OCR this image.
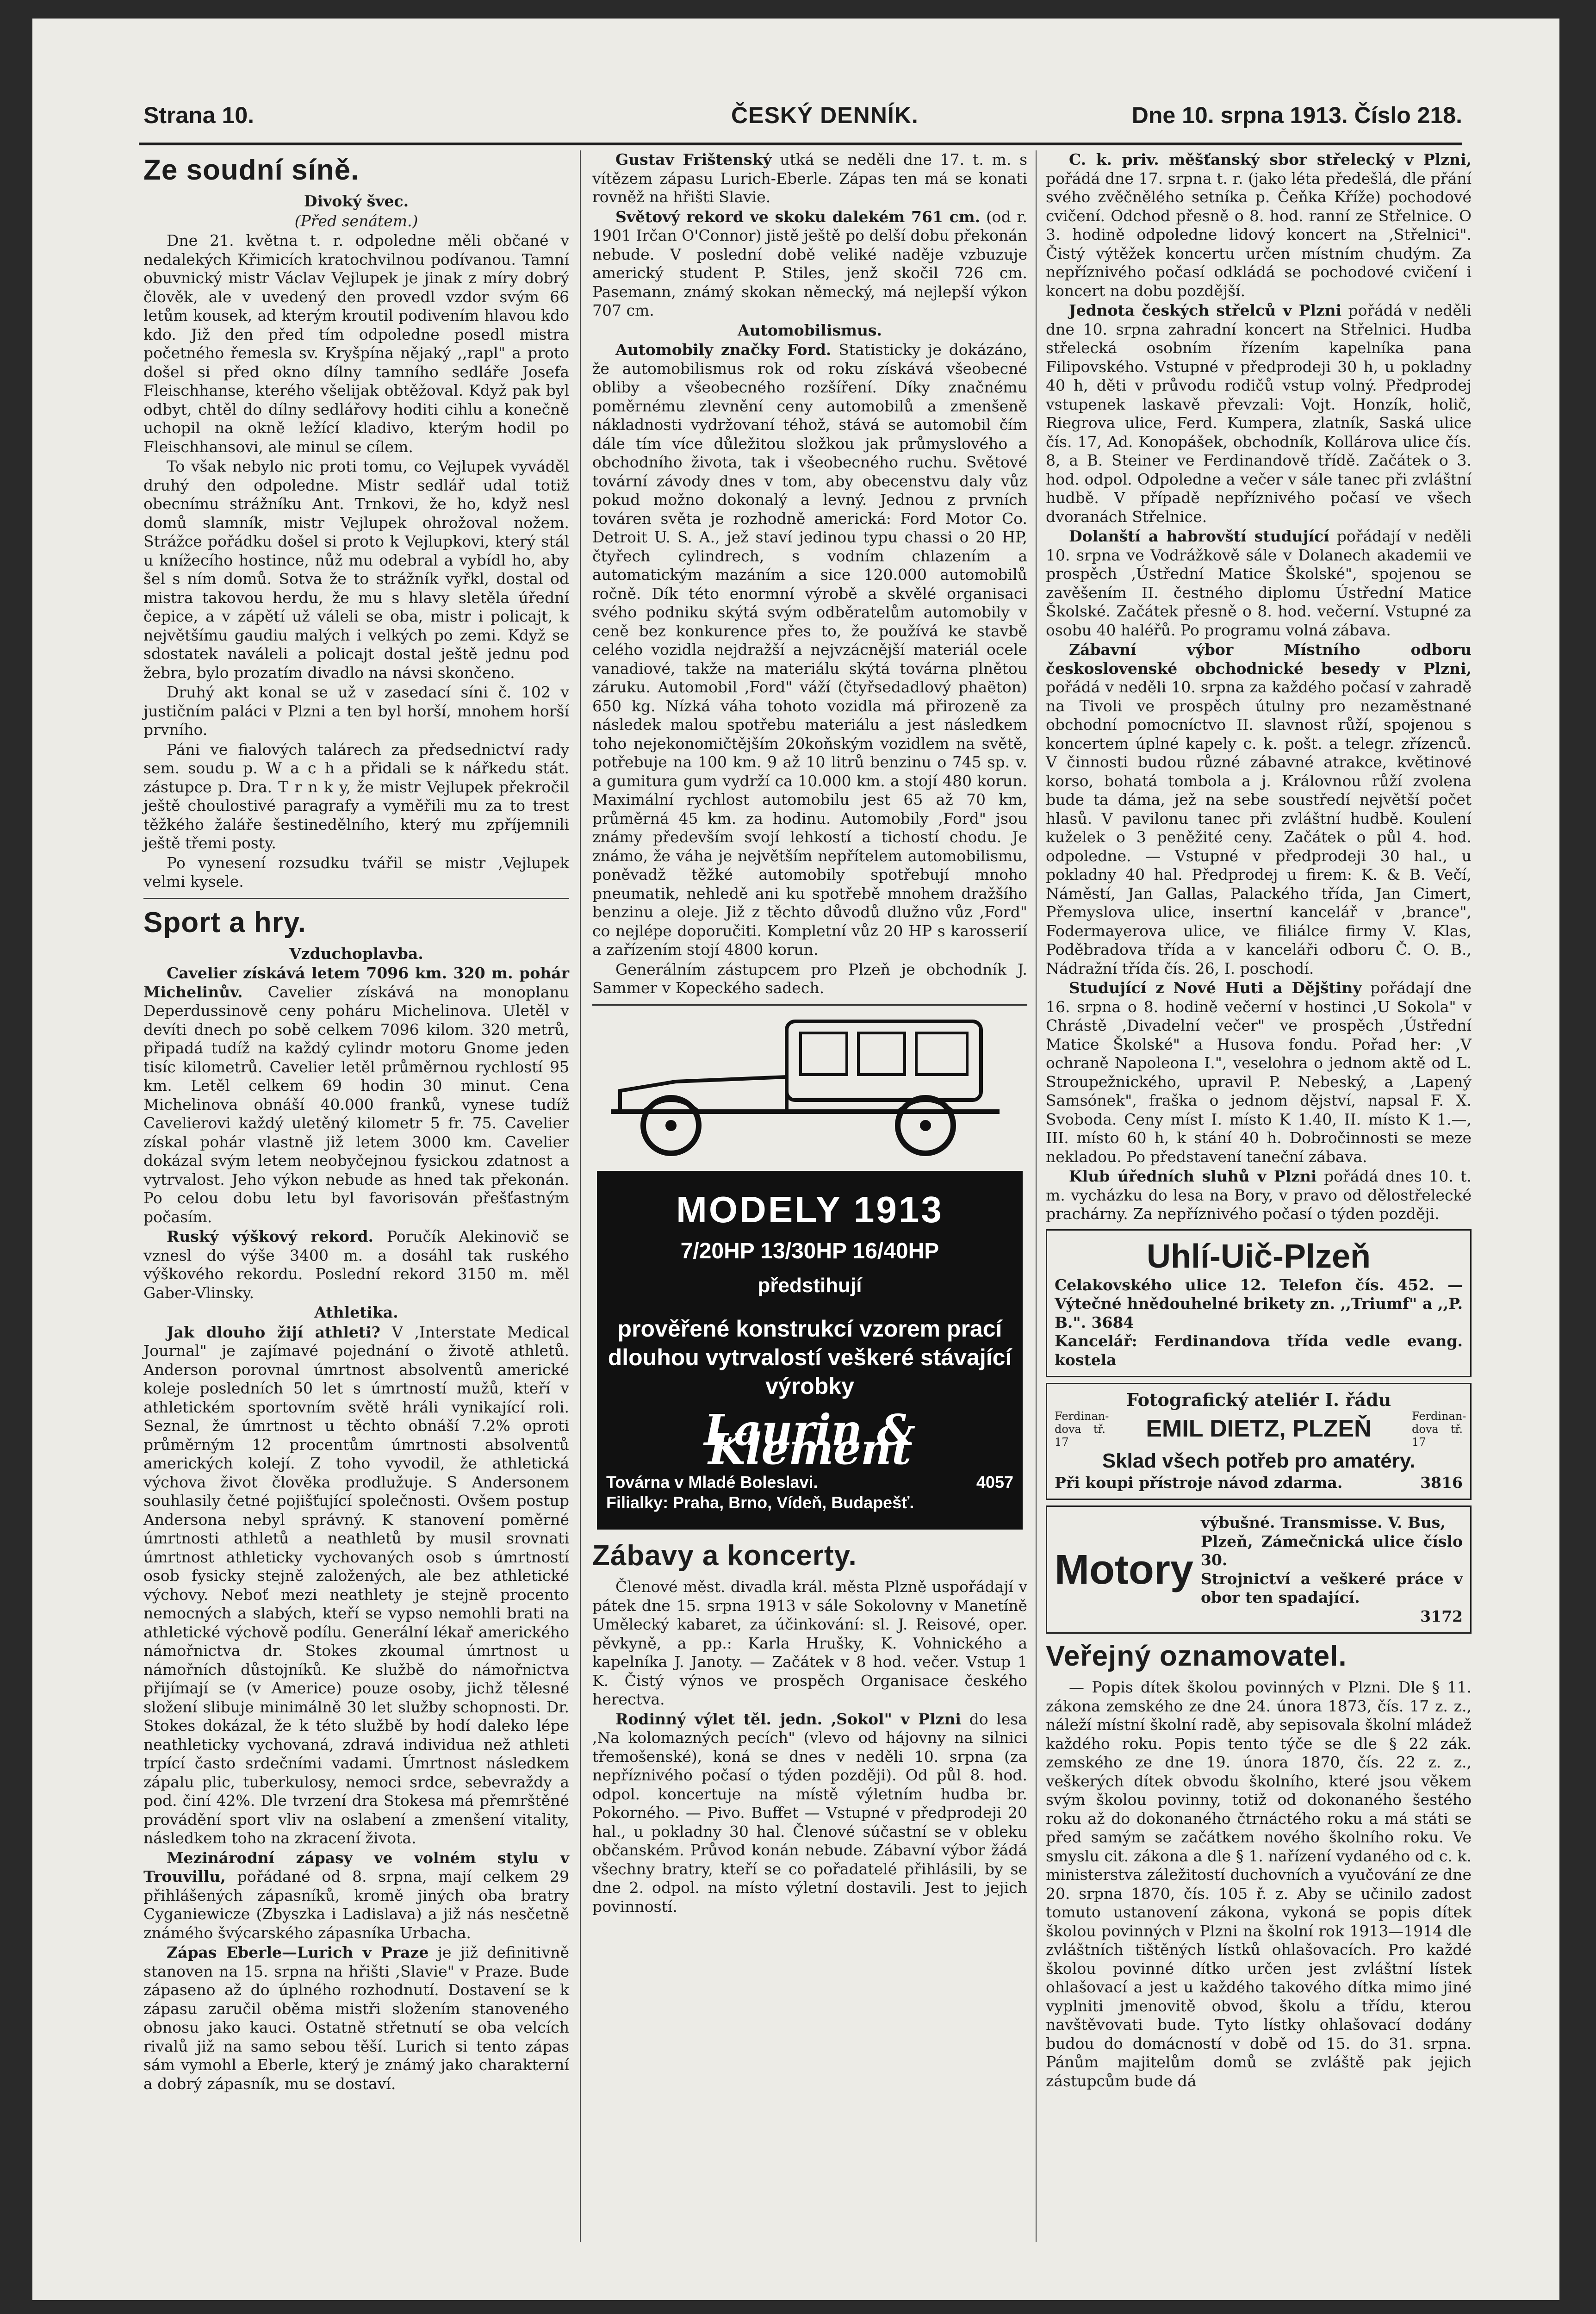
Strana 10.	ČESKÝ DENNÍK.	Dne 10. srpna 1913. Číslo 218.
Ze soudní síně.
Divoký švec.
(Před senátem.)

Dne 21. května t. r. odpoledne měli občané v nedalekých Křimicích kratochvilnou podívanou. Tamní obuvnický mistr Václav Vejlupek je jinak z míry dobrý člověk, ale v uvedený den provedl vzdor svým 66 letům kousek, ad kterým kroutil podivením hlavou kdo kdo. Již den před tím odpoledne posedl mistra početného řemesla sv. Kryšpína nějaký ,,rapl" a proto došel si před okno dílny tamního sedláře Josefa Fleischhanse, kterého všelijak obtěžoval. Když pak byl odbyt, chtěl do dílny sedlářovy hoditi cihlu a konečně uchopil na okně ležící kladivo, kterým hodil po Fleischhansovi, ale minul se cílem.

To však nebylo nic proti tomu, co Vejlupek vyváděl druhý den odpoledne. Mistr sedlář udal totiž obecnímu strážníku Ant. Trnkovi, že ho, když nesl domů slamník, mistr Vejlupek ohrožoval nožem. Strážce pořádku došel si proto k Vejlupkovi, který stál u knížecího hostince, nůž mu odebral a vybídl ho, aby šel s ním domů. Sotva že to strážník vyřkl, dostal od mistra takovou herdu, že mu s hlavy sletěla úřední čepice, a v zápětí už váleli se oba, mistr i policajt, k největšímu gaudiu malých i velkých po zemi. Když se sdostatek naváleli a policajt dostal ještě jednu pod žebra, bylo prozatím divadlo na návsi skončeno.

Druhý akt konal se už v zasedací síni č. 102 v justičním paláci v Plzni a ten byl horší, mnohem horší prvního.

Páni ve fialových talárech za předsednictví rady sem. soudu p. W a c h a přidali se k nářkedu stát. zástupce p. Dra. T r n k y, že mistr Vejlupek překročil ještě choulostivé paragrafy a vyměřili mu za to trest těžkého žaláře šestinedělního, který mu zpříjemnili ještě třemi posty.

Po vynesení rozsudku tvářil se mistr ,Vejlupek velmi kysele.

Sport a hry.
Vzduchoplavba.

Cavelier získává letem 7096 km. 320 m. pohár Michelinův. Cavelier získává na monoplanu Deperdussinově ceny poháru Michelinova. Uletěl v devíti dnech po sobě celkem 7096 kilom. 320 metrů, připadá tudíž na každý cylindr motoru Gnome jeden tisíc kilometrů. Cavelier letěl průměrnou rychlostí 95 km. Letěl celkem 69 hodin 30 minut. Cena Michelinova obnáší 40.000 franků, vynese tudíž Cavelierovi každý uletěný kilometr 5 fr. 75. Cavelier získal pohár vlastně již letem 3000 km. Cavelier dokázal svým letem neobyčejnou fysickou zdatnost a vytrvalost. Jeho výkon nebude as hned tak překonán. Po celou dobu letu byl favorisován přešťastným počasím.

Ruský výškový rekord. Poručík Alekinovič se vznesl do výše 3400 m. a dosáhl tak ruského výškového rekordu. Poslední rekord 3150 m. měl Gaber-Vlinsky.

Athletika.

Jak dlouho žijí athleti? V ,Interstate Medical Journal" je zajímavé pojednání o životě athletů. Anderson porovnal úmrtnost absolventů americké koleje posledních 50 let s úmrtností mužů, kteří v athletickém sportovním světě hráli vynikající roli. Seznal, že úmrtnost u těchto obnáší 7.2% oproti průměrným 12 procentům úmrtnosti absolventů amerických kolejí. Z toho vyvodil, že athletická výchova život člověka prodlužuje. S Andersonem souhlasily četné pojišťující společnosti. Ovšem postup Andersona nebyl správný. K stanovení poměrné úmrtnosti athletů a neathletů by musil srovnati úmrtnost athleticky vychovaných osob s úmrtností osob fysicky stejně založených, ale bez athletické výchovy. Neboť mezi neathlety je stejně procento nemocných a slabých, kteří se vypso nemohli brati na athletické výchově podílu. Generální lékař amerického námořnictva dr. Stokes zkoumal úmrtnost u námořních důstojníků. Ke službě do námořnictva přijímají se (v Americe) pouze osoby, jichž tělesné složení slibuje minimálně 30 let služby schopnosti. Dr. Stokes dokázal, že k této službě by hodí daleko lépe neathleticky vychovaná, zdravá individua než athleti trpící často srdečními vadami. Úmrtnost následkem zápalu plic, tuberkulosy, nemoci srdce, sebevraždy a pod. činí 42%. Dle tvrzení dra Stokesa má přemrštěné provádění sport vliv na oslabení a zmenšení vitality, následkem toho na zkracení života.

Mezinárodní zápasy ve volném stylu v Trouvillu, pořádané od 8. srpna, mají celkem 29 přihlášených zápasníků, kromě jiných oba bratry Cyganiewicze (Zbyszka i Ladislava) a již nás nesčetně známého švýcarského zápasníka Urbacha.

Zápas Eberle—Lurich v Praze je již definitivně stanoven na 15. srpna na hřišti ,Slavie" v Praze. Bude zápaseno až do úplného rozhodnutí. Dostavení se k zápasu zaručil oběma mistři složením stanoveného obnosu jako kauci. Ostatně střetnutí se oba velcích rivalů již na samo sebou těší. Lurich si tento zápas sám vymohl a Eberle, který je známý jako charakterní a dobrý zápasník, mu se dostaví.

Gustav Frištenský utká se neděli dne 17. t. m. s vítězem zápasu Lurich-Eberle. Zápas ten má se konati rovněž na hřišti Slavie.

Světový rekord ve skoku dalekém 761 cm. (od r. 1901 Irčan O'Connor) jistě ještě po delší dobu překonán nebude. V poslední době veliké naděje vzbuzuje americký student P. Stiles, jenž skočil 726 cm. Pasemann, známý skokan německý, má nejlepší výkon 707 cm.

Automobilismus.

Automobily značky Ford. Statisticky je dokázáno, že automobilismus rok od roku získává všeobecné obliby a všeobecného rozšíření. Díky značnému poměrnému zlevnění ceny automobilů a zmenšeně nákladnosti vydržovaní téhož, stává se automobil čím dále tím více důležitou složkou jak průmyslového a obchodního života, tak i všeobecného ruchu. Světové tovární závody dnes v tom, aby obecenstvu daly vůz pokud možno dokonalý a levný. Jednou z prvních továren světa je rozhodně americká: Ford Motor Co. Detroit U. S. A., jež staví jedinou typu chassi o 20 HP, čtyřech cylindrech, s vodním chlazením a automatickým mazáním a sice 120.000 automobilů ročně. Dík této enormní výrobě a skvělé organisaci svého podniku skýtá svým odběratelům automobily v ceně bez konkurence přes to, že používá ke stavbě celého vozidla nejdražší a nejvzácnější materiál ocele vanadiové, takže na materiálu skýtá továrna plnětou záruku. Automobil ,Ford" váží (čtyřsedadlový phaëton) 650 kg. Nízká váha tohoto vozidla má přirozeně za následek malou spotřebu materiálu a jest následkem toho nejekonomičtějším 20koňským vozidlem na světě, potřebuje na 100 km. 9 až 10 litrů benzinu o 745 sp. v. a gumitura gum vydrží ca 10.000 km. a stojí 480 korun. Maximální rychlost automobilu jest 65 až 70 km, průměrná 45 km. za hodinu. Automobily ,Ford" jsou známy především svojí lehkostí a tichostí chodu. Je známo, že váha je největším nepřítelem automobilismu, poněvadž těžké automobily spotřebují mnoho pneumatik, nehledě ani ku spotřebě mnohem dražšího benzinu a oleje. Již z těchto důvodů dlužno vůz ,Ford" co nejlépe doporučiti. Kompletní vůz 20 HP s karosserií a zařízením stojí 4800 korun.

Generálním zástupcem pro Plzeň je obchodník J. Sammer v Kopeckého sadech.

MODELY 1913
7/20HP 13/30HP 16/40HP
předstihují
prověřené konstrukcí vzorem prací dlouhou vytrvalostí veškeré stávající výrobky
Laurin & Klement
Továrna v Mladé Boleslavi.	4057
Filialky: Praha, Brno, Vídeň, Budapešť.
Zábavy a koncerty.

Členové měst. divadla král. města Plzně uspořádají v pátek dne 15. srpna 1913 v sále Sokolovny v Manetíně Umělecký kabaret, za účinkování: sl. J. Reisové, oper. pěvkyně, a pp.: Karla Hrušky, K. Vohnického a kapelníka J. Janoty. — Začátek v 8 hod. večer. Vstup 1 K. Čistý výnos ve prospěch Organisace českého herectva.

Rodinný výlet těl. jedn. ,Sokol" v Plzni do lesa ,Na kolomazných pecích" (vlevo od hájovny na silnici třemošenské), koná se dnes v neděli 10. srpna (za nepříznivého počasí o týden později). Od půl 8. hod. odpol. koncertuje na místě výletním hudba br. Pokorného. — Pivo. Buffet — Vstupné v předprodeji 20 hal., u pokladny 30 hal. Členové súčastní se v obleku občanském. Průvod konán nebude. Zábavní výbor žádá všechny bratry, kteří se co pořadatelé přihlásili, by se dne 2. odpol. na místo výletní dostavili. Jest to jejich povinností.

C. k. priv. měšťanský sbor střelecký v Plzni, pořádá dne 17. srpna t. r. (jako léta předešlá, dle přání svého zvěčnělého setníka p. Čeňka Kříže) pochodové cvičení. Odchod přesně o 8. hod. ranní ze Střelnice. O 3. hodině odpoledne lidový koncert na ,Střelnici". Čistý výtěžek koncertu určen místním chudým. Za nepříznivého počasí odkládá se pochodové cvičení i koncert na dobu pozdější.

Jednota českých střelců v Plzni pořádá v neděli dne 10. srpna zahradní koncert na Střelnici. Hudba střelecká osobním řízením kapelníka pana Filipovského. Vstupné v předprodeji 30 h, u pokladny 40 h, děti v průvodu rodičů vstup volný. Předprodej vstupenek laskavě převzali: Vojt. Honzík, holič, Riegrova ulice, Ferd. Kumpera, zlatník, Saská ulice čís. 17, Ad. Konopášek, obchodník, Kollárova ulice čís. 8, a B. Steiner ve Ferdinandově třídě. Začátek o 3. hod. odpol. Odpoledne a večer v sále tanec při zvláštní hudbě. V případě nepříznivého počasí ve všech dvoranách Střelnice.

Dolanští a habrovští studující pořádají v neděli 10. srpna ve Vodrážkově sále v Dolanech akademii ve prospěch ,Ústřední Matice Školské", spojenou se zavěšením II. čestného diplomu Ústřední Matice Školské. Začátek přesně o 8. hod. večerní. Vstupné za osobu 40 haléřů. Po programu volná zábava.

Zábavní výbor Místního odboru československé obchodnické besedy v Plzni, pořádá v neděli 10. srpna za každého počasí v zahradě na Tivoli ve prospěch útulny pro nezaměstnané obchodní pomocníctvo II. slavnost růží, spojenou s koncertem úplné kapely c. k. pošt. a telegr. zřízenců. V činnosti budou různé zábavné atrakce, květinové korso, bohatá tombola a j. Královnou růží zvolena bude ta dáma, jež na sebe soustředí největší počet hlasů. V pavilonu tanec při zvláštní hudbě. Koulení kuželek o 3 peněžité ceny. Začátek o půl 4. hod. odpoledne. — Vstupné v předprodeji 30 hal., u pokladny 40 hal. Předprodej u firem: K. & B. Večí, Náměstí, Jan Gallas, Palackého třída, Jan Cimert, Přemyslova ulice, insertní kancelář v ,brance", Fodermayerova ulice, ve filiálce firmy V. Klas, Poděbradova třída a v kanceláři odboru Č. O. B., Nádražní třída čís. 26, I. poschodí.

Studující z Nové Huti a Dějštiny pořádají dne 16. srpna o 8. hodině večerní v hostinci ,U Sokola" v Chrástě ,Divadelní večer" ve prospěch ,Ústřední Matice Školské" a Husova fondu. Pořad her: ,V ochraně Napoleona I.", veselohra o jednom aktě od L. Stroupežnického, upravil P. Nebeský, a ,Lapený Samsónek", fraška o jednom dějství, napsal F. X. Svoboda. Ceny míst I. místo K 1.40, II. místo K 1.—, III. místo 60 h, k stání 40 h. Dobročinnosti se meze nekladou. Po představení taneční zábava.

Klub úředních sluhů v Plzni pořádá dnes 10. t. m. vycházku do lesa na Bory, v pravo od dělostřelecké prachárny. Za nepříznivého počasí o týden později.

Uhlí-Uič-Plzeň
Celakovského ulice 12. Telefon čís. 452. — Výtečné hnědouhelné brikety zn. ,,Triumf" a ,,P. B.". 3684
Kancelář: Ferdinandova třída vedle evang. kostela
Fotografický ateliér I. řádu
Ferdinan-dova tř. 17	EMIL DIETZ, PLZEŇ	Ferdinan-dova tř. 17
Sklad všech potřeb pro amatéry.
Při koupi přístroje návod zdarma.	3816
Motory
výbušné. Transmisse. V. Bus,
Plzeň, Zámečnická ulice číslo 30.
Strojnictví a veškeré práce v obor ten spadající.
3172
Veřejný oznamovatel.

— Popis dítek školou povinných v Plzni. Dle § 11. zákona zemského ze dne 24. února 1873, čís. 17 z. z., náleží místní školní radě, aby sepisovala školní mládež každého roku. Popis tento týče se dle § 22 zák. zemského ze dne 19. února 1870, čís. 22 z. z., veškerých dítek obvodu školního, které jsou věkem svým školou povinny, totiž od dokonaného šestého roku až do dokonaného čtrnáctého roku a má státi se před samým se začátkem nového školního roku. Ve smyslu cit. zákona a dle § 1. nařízení vydaného od c. k. ministerstva záležitostí duchovních a vyučování ze dne 20. srpna 1870, čís. 105 ř. z. Aby se učinilo zadost tomuto ustanovení zákona, vykoná se popis dítek školou povinných v Plzni na školní rok 1913—1914 dle zvláštních tištěných lístků ohlašovacích. Pro každé školou povinné dítko určen jest zvláštní lístek ohlašovací a jest u každého takového dítka mimo jiné vyplniti jmenovitě obvod, školu a třídu, kterou navštěvovati bude. Tyto lístky ohlašovací dodány budou do domácností v době od 15. do 31. srpna. Pánům majitelům domů se zvláště pak jejich zástupcům bude dá
